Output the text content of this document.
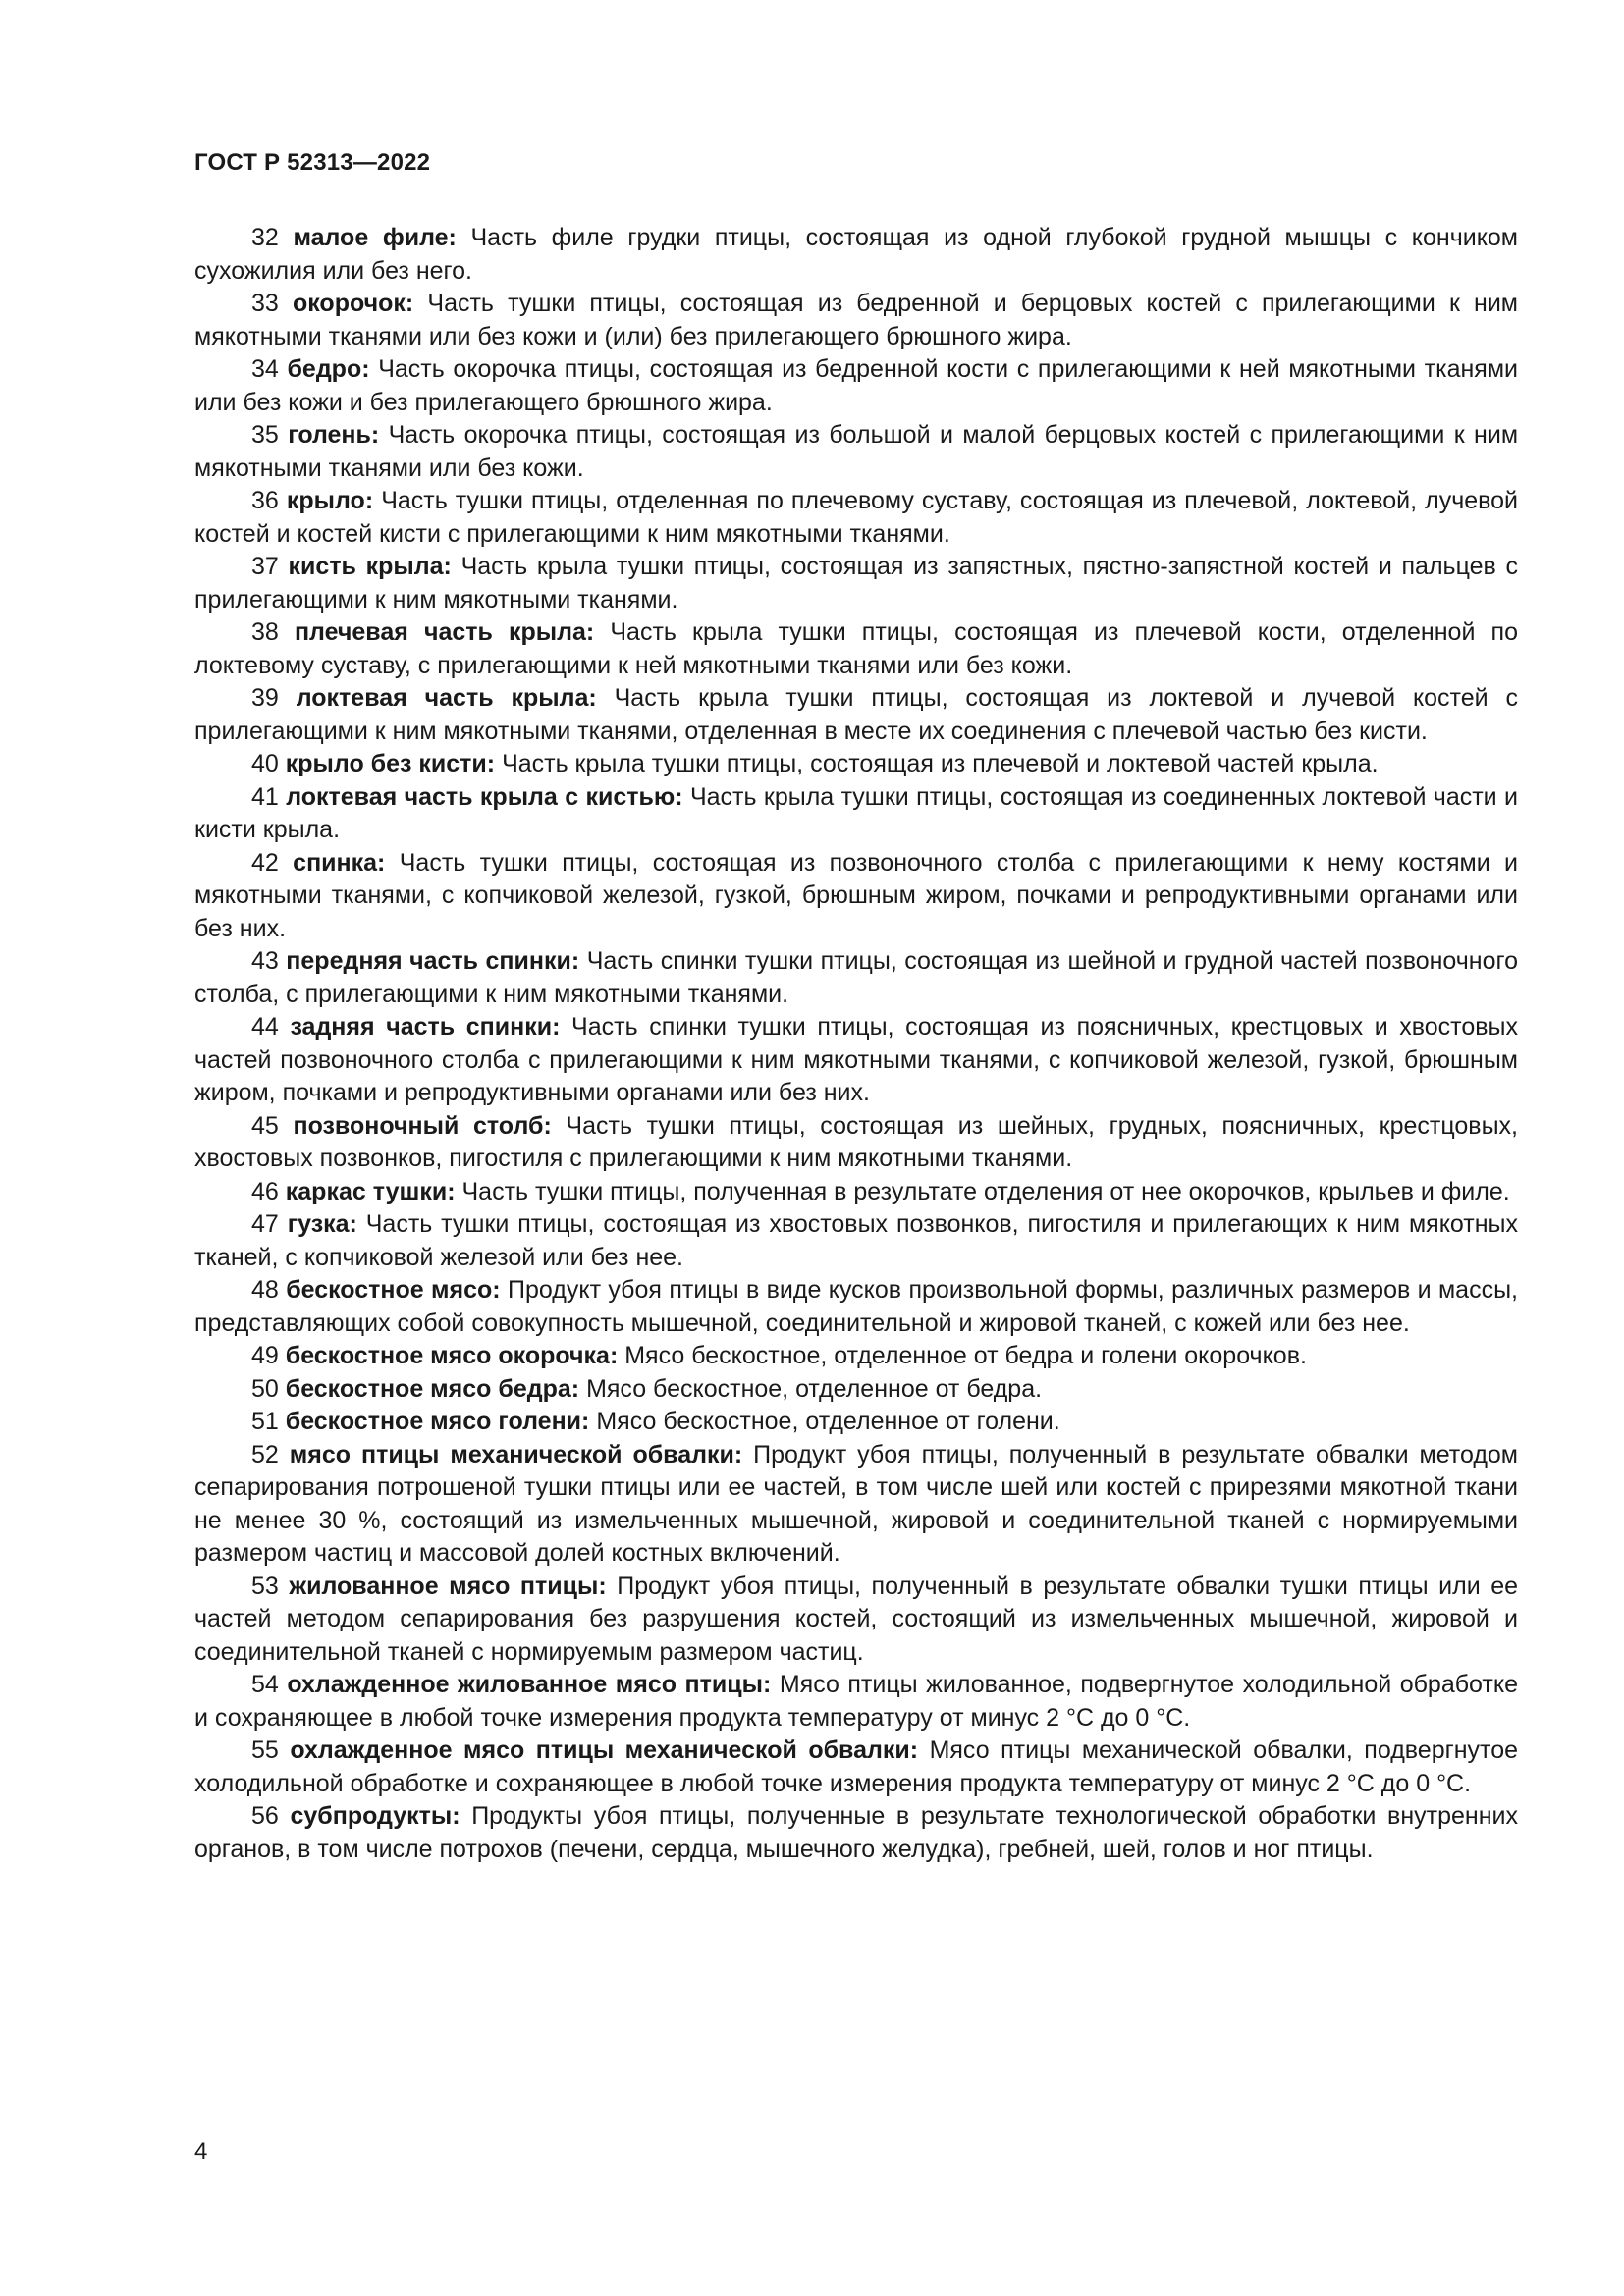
ГОСТ Р 52313—2022

32 малое филе: Часть филе грудки птицы, состоящая из одной глубокой грудной мышцы с кончиком сухожилия или без него.

33 окорочок: Часть тушки птицы, состоящая из бедренной и берцовых костей с прилегающими к ним мякотными тканями или без кожи и (или) без прилегающего брюшного жира.

34 бедро: Часть окорочка птицы, состоящая из бедренной кости с прилегающими к ней мякотными тканями или без кожи и без прилегающего брюшного жира.

35 голень: Часть окорочка птицы, состоящая из большой и малой берцовых костей с прилегающими к ним мякотными тканями или без кожи.

36 крыло: Часть тушки птицы, отделенная по плечевому суставу, состоящая из плечевой, локтевой, лучевой костей и костей кисти с прилегающими к ним мякотными тканями.

37 кисть крыла: Часть крыла тушки птицы, состоящая из запястных, пястно-запястной костей и пальцев с прилегающими к ним мякотными тканями.

38 плечевая часть крыла: Часть крыла тушки птицы, состоящая из плечевой кости, отделенной по локтевому суставу, с прилегающими к ней мякотными тканями или без кожи.

39 локтевая часть крыла: Часть крыла тушки птицы, состоящая из локтевой и лучевой костей с прилегающими к ним мякотными тканями, отделенная в месте их соединения с плечевой частью без кисти.

40 крыло без кисти: Часть крыла тушки птицы, состоящая из плечевой и локтевой частей крыла.

41 локтевая часть крыла с кистью: Часть крыла тушки птицы, состоящая из соединенных локтевой части и кисти крыла.

42 спинка: Часть тушки птицы, состоящая из позвоночного столба с прилегающими к нему костями и мякотными тканями, с копчиковой железой, гузкой, брюшным жиром, почками и репродуктивными органами или без них.

43 передняя часть спинки: Часть спинки тушки птицы, состоящая из шейной и грудной частей позвоночного столба, с прилегающими к ним мякотными тканями.

44 задняя часть спинки: Часть спинки тушки птицы, состоящая из поясничных, крестцовых и хвостовых частей позвоночного столба с прилегающими к ним мякотными тканями, с копчиковой железой, гузкой, брюшным жиром, почками и репродуктивными органами или без них.

45 позвоночный столб: Часть тушки птицы, состоящая из шейных, грудных, поясничных, крестцовых, хвостовых позвонков, пигостиля с прилегающими к ним мякотными тканями.

46 каркас тушки: Часть тушки птицы, полученная в результате отделения от нее окорочков, крыльев и филе.

47 гузка: Часть тушки птицы, состоящая из хвостовых позвонков, пигостиля и прилегающих к ним мякотных тканей, с копчиковой железой или без нее.

48 бескостное мясо: Продукт убоя птицы в виде кусков произвольной формы, различных размеров и массы, представляющих собой совокупность мышечной, соединительной и жировой тканей, с кожей или без нее.

49 бескостное мясо окорочка: Мясо бескостное, отделенное от бедра и голени окорочков.

50 бескостное мясо бедра: Мясо бескостное, отделенное от бедра.

51 бескостное мясо голени: Мясо бескостное, отделенное от голени.

52 мясо птицы механической обвалки: Продукт убоя птицы, полученный в результате обвалки методом сепарирования потрошеной тушки птицы или ее частей, в том числе шей или костей с прирезями мякотной ткани не менее 30 %, состоящий из измельченных мышечной, жировой и соединительной тканей с нормируемыми размером частиц и массовой долей костных включений.

53 жилованное мясо птицы: Продукт убоя птицы, полученный в результате обвалки тушки птицы или ее частей методом сепарирования без разрушения костей, состоящий из измельченных мышечной, жировой и соединительной тканей с нормируемым размером частиц.

54 охлажденное жилованное мясо птицы: Мясо птицы жилованное, подвергнутое холодильной обработке и сохраняющее в любой точке измерения продукта температуру от минус 2 °С до 0 °С.

55 охлажденное мясо птицы механической обвалки: Мясо птицы механической обвалки, подвергнутое холодильной обработке и сохраняющее в любой точке измерения продукта температуру от минус 2 °С до 0 °С.

56 субпродукты: Продукты убоя птицы, полученные в результате технологической обработки внутренних органов, в том числе потрохов (печени, сердца, мышечного желудка), гребней, шей, голов и ног птицы.

4
